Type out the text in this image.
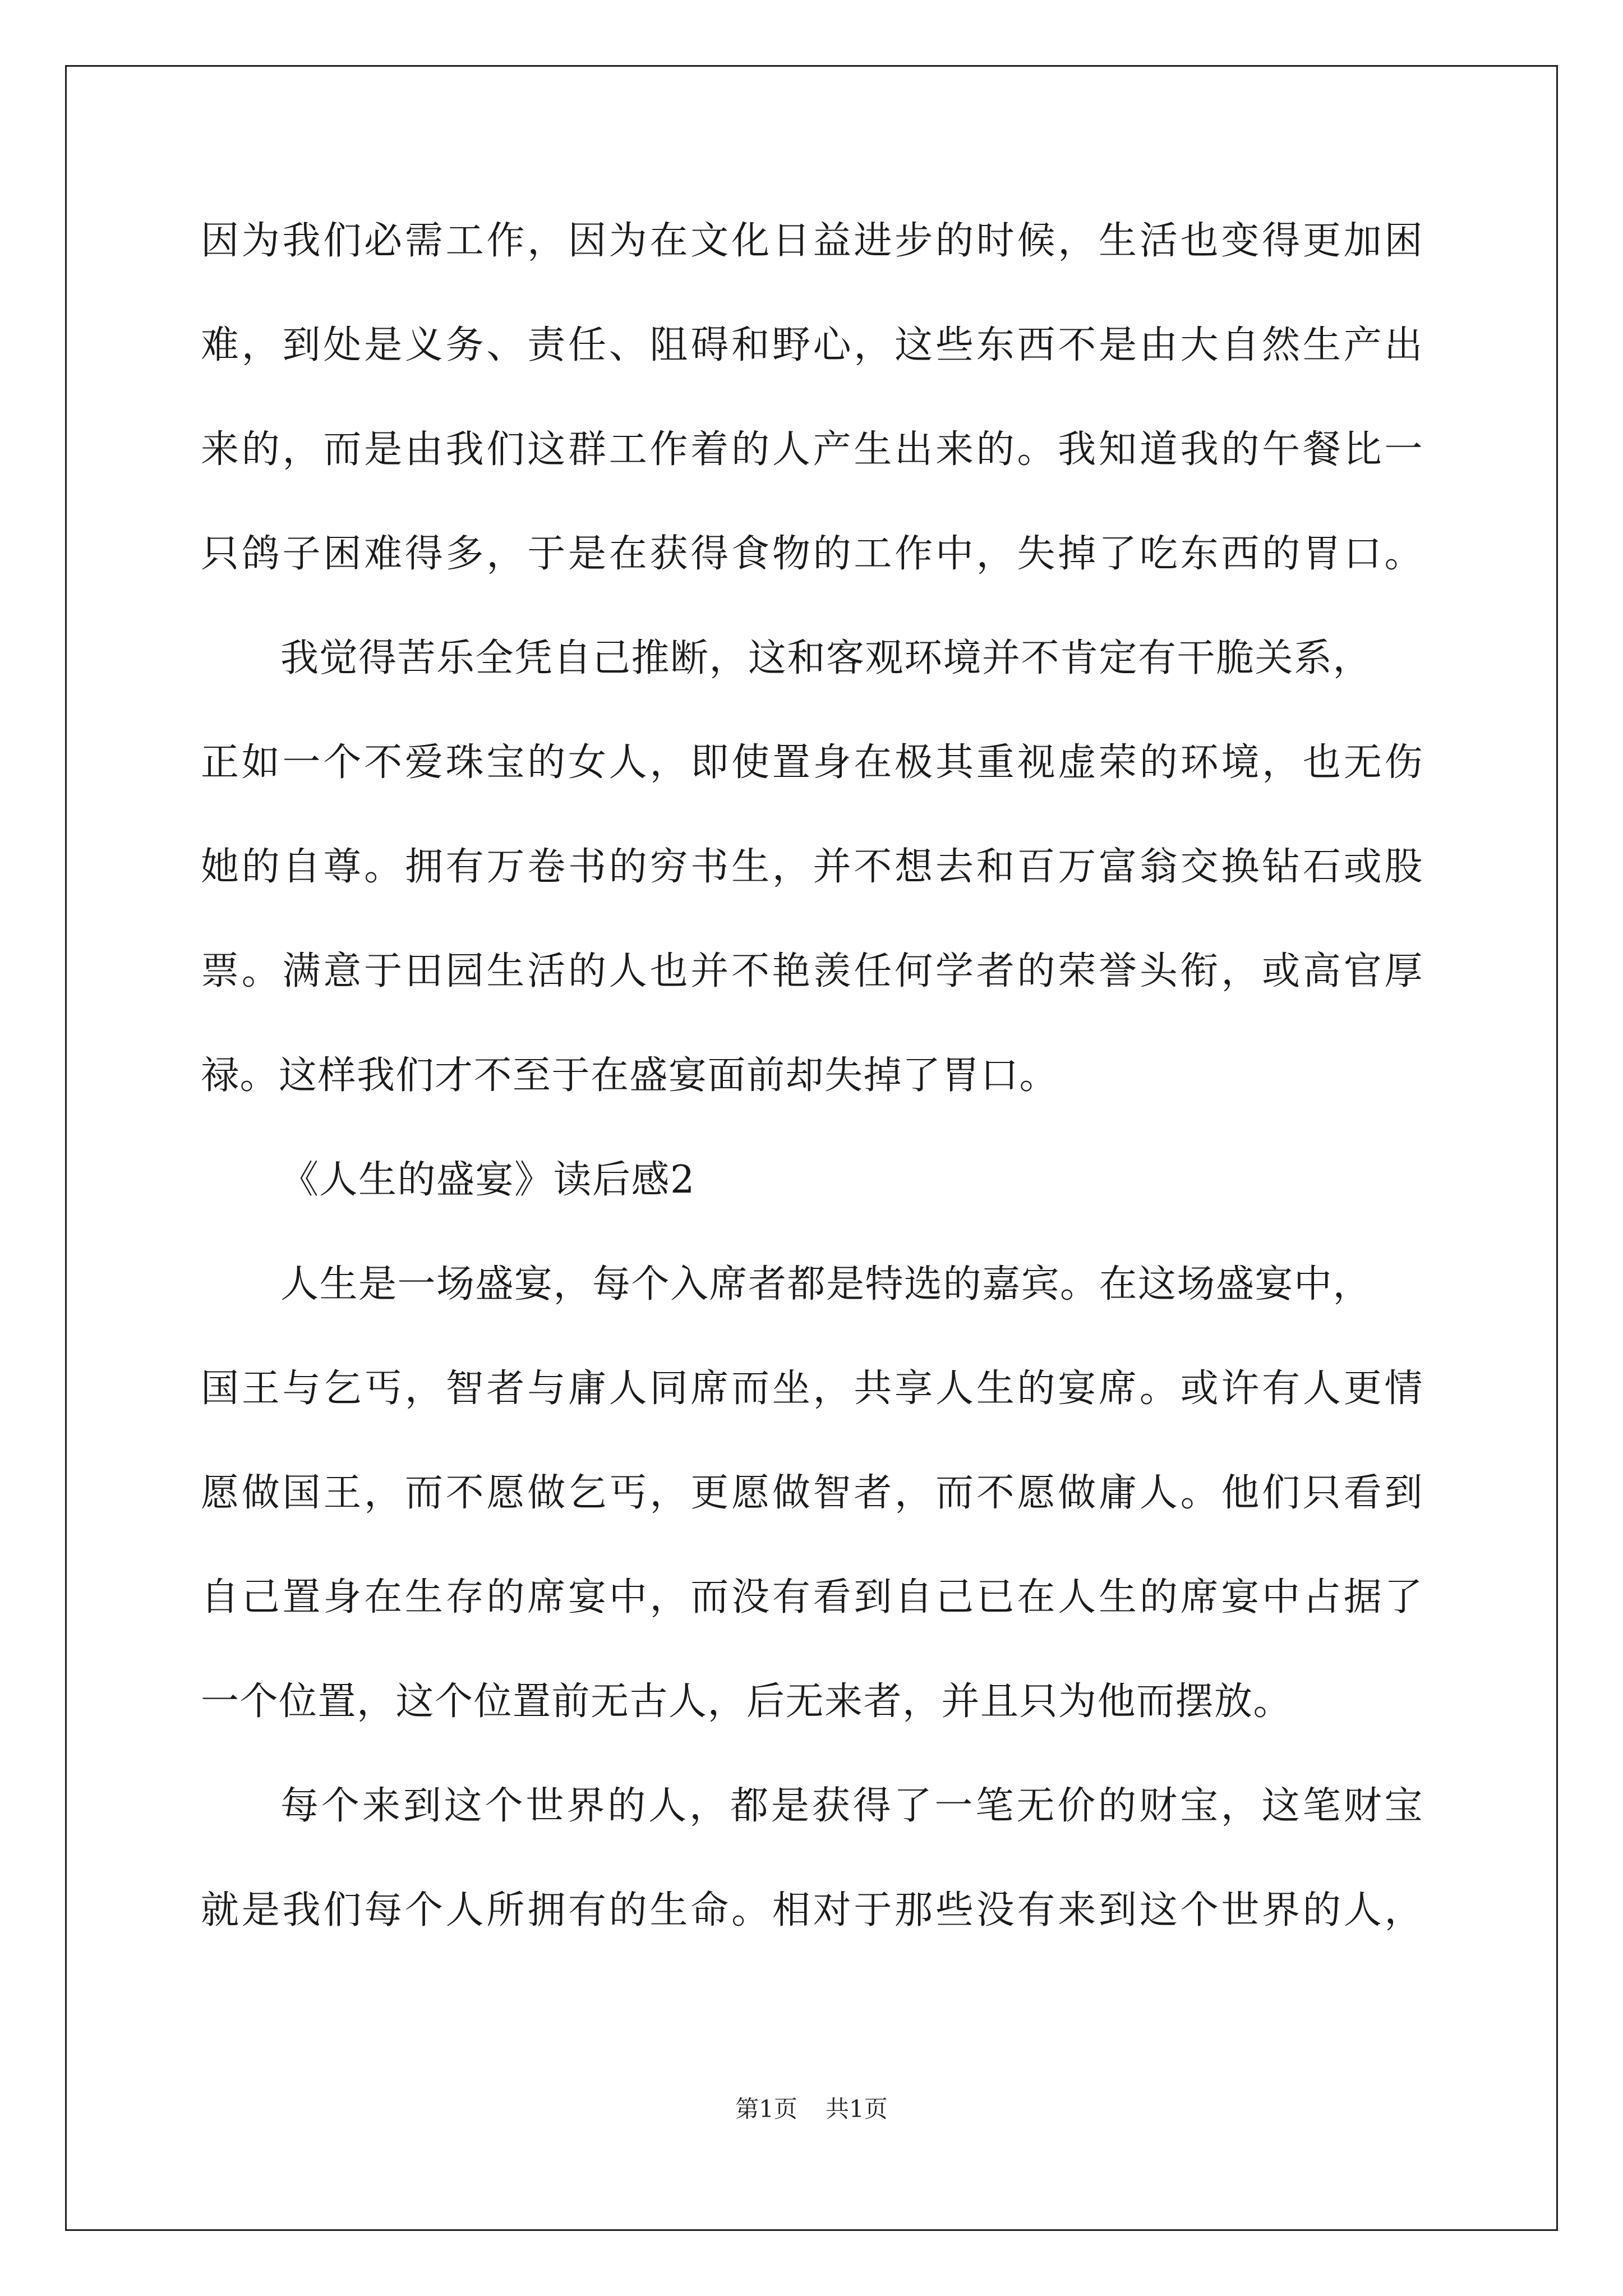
因为我们必需工作，因为在文化日益进步的时候，生活也变得更加困
难，到处是义务、责任、阻碍和野心，这些东西不是由大自然生产出
来的，而是由我们这群工作着的人产生出来的。我知道我的午餐比一
只鸽子困难得多，于是在获得食物的工作中，失掉了吃东西的胃口。
我觉得苦乐全凭自己推断，这和客观环境并不肯定有干脆关系，
正如一个不爱珠宝的女人，即使置身在极其重视虚荣的环境，也无伤
她的自尊。拥有万卷书的穷书生，并不想去和百万富翁交换钻石或股
票。满意于田园生活的人也并不艳羡任何学者的荣誉头衔，或高官厚
禄。这样我们才不至于在盛宴面前却失掉了胃口。
《人生的盛宴》读后感2
人生是一场盛宴，每个入席者都是特选的嘉宾。在这场盛宴中，
国王与乞丐，智者与庸人同席而坐，共享人生的宴席。或许有人更情
愿做国王，而不愿做乞丐，更愿做智者，而不愿做庸人。他们只看到
自己置身在生存的席宴中，而没有看到自己已在人生的席宴中占据了
一个位置，这个位置前无古人，后无来者，并且只为他而摆放。
每个来到这个世界的人，都是获得了一笔无价的财宝，这笔财宝
就是我们每个人所拥有的生命。相对于那些没有来到这个世界的人，
第1页 共1页
